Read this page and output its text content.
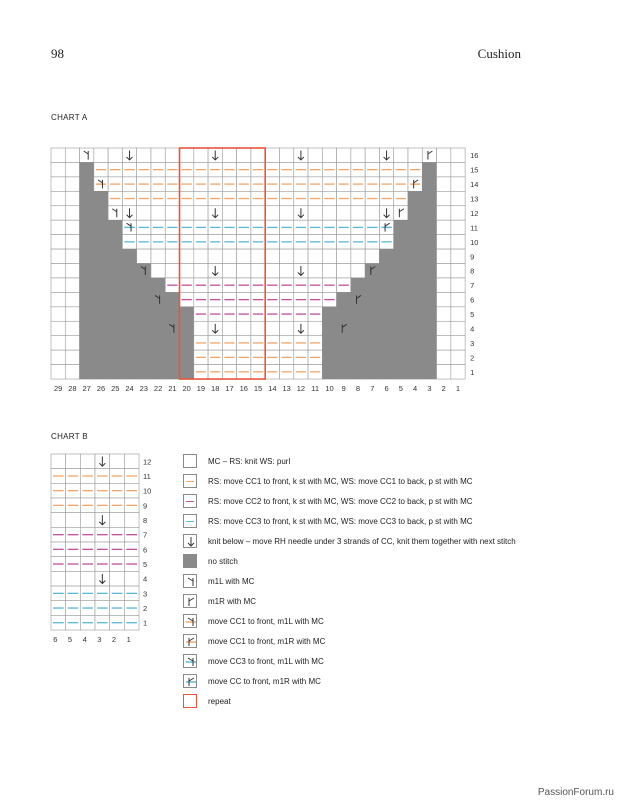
98	Cushion
CHART A
CHART B
29 28 27 26 25 24 23 22 21 20 19 18 17 16 15 14 13 12 11 10 9 8 7 6 5 4 3 2 1
16
15
14
13
12
11
10
9
8
7
6
5
4
3
2
1
6 5 4 3 2 1
12
11
10
9
8
7
6
5
4
3
2
1
MC – RS: knit WS: purl
RS: move CC1 to front, k st with MC, WS: move CC1 to back, p st with MC
RS: move CC2 to front, k st with MC, WS: move CC2 to back, p st with MC
RS: move CC3 to front, k st with MC, WS: move CC3 to back, p st with MC
knit below – move RH needle under 3 strands of CC, knit them together with next stitch
no stitch
m1L with MC
m1R with MC
move CC1 to front, m1L with MC
move CC1 to front, m1R with MC
move CC3 to front, m1L with MC
move CC to front, m1R with MC
repeat
PassionForum.ru
